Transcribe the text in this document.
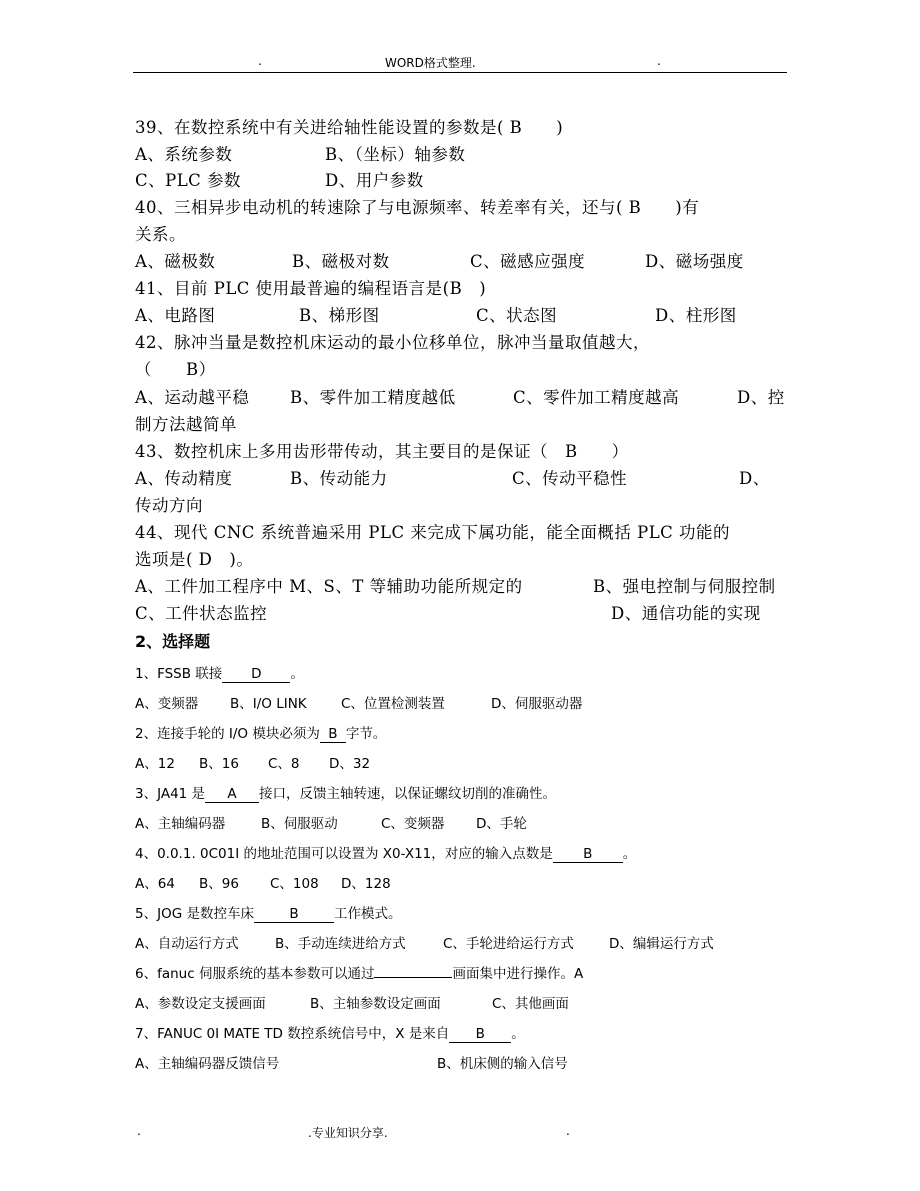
.	WORD格式整理.	.
39、在数控系统中有关进给轴性能设置的参数是( B　　)
A、系统参数	B、（坐标）轴参数
C、PLC 参数	D、用户参数
40、三相异步电动机的转速除了与电源频率、转差率有关，还与( B　　)有
关系。
A、磁极数	B、磁极对数	C、磁感应强度	D、磁场强度
41、目前 PLC 使用最普遍的编程语言是(B　)
A、电路图	B、梯形图	C、状态图	D、柱形图
42、脉冲当量是数控机床运动的最小位移单位，脉冲当量取值越大，
（　　B）
A、运动越平稳 B、零件加工精度越低	C、零件加工精度越高	D、控
制方法越简单
43、数控机床上多用齿形带传动，其主要目的是保证（　B　　）
A、传动精度	B、传动能力	C、传动平稳性	D、
传动方向
44、现代 CNC 系统普遍采用 PLC 来完成下属功能，能全面概括 PLC 功能的
选项是( D　)。
A、工件加工程序中 M、S、T 等辅助功能所规定的	B、强电控制与伺服控制
C、工件状态监控	D、通信功能的实现
2、选择题
1、FSSB 联接 D 。
A、变频器 B、I/O LINK	C、位置检测装置	D、伺服驱动器
2、连接手轮的 I/O 模块必须为 B 字节。
A、12 B、16 C、8 D、32
3、JA41 是 A 接口，反馈主轴转速，以保证螺纹切削的准确性。
A、主轴编码器	B、伺服驱动	C、变频器 D、手轮
4、0.0.1. 0C01I 的地址范围可以设置为 X0-X11，对应的输入点数是 B 。
A、64 B、96 C、108 D、128
5、JOG 是数控车床	B	工作模式。
A、自动运行方式	B、手动连续进给方式	C、手轮进给运行方式	D、编辑运行方式
6、fanuc 伺服系统的基本参数可以通过	画面集中进行操作。A
A、参数设定支援画面	B、主轴参数设定画面	C、其他画面
7、FANUC 0I MATE TD 数控系统信号中，X 是来自 B 。
A、主轴编码器反馈信号	B、机床侧的输入信号
.	.专业知识分享.	.
